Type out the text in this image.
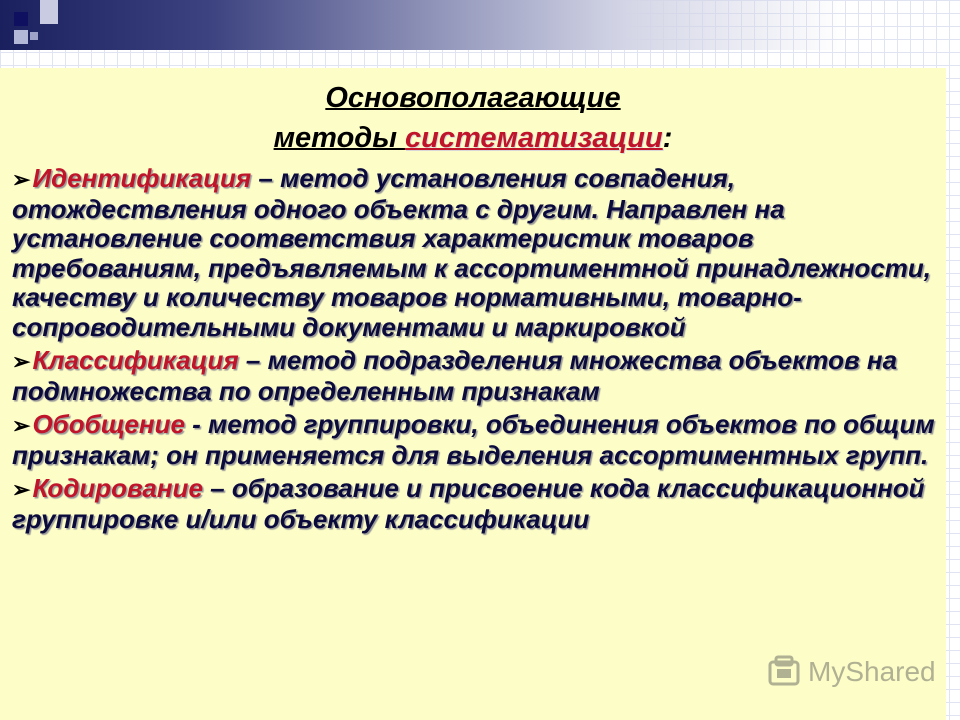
Основополагающие
методы систематизации:
➢Идентификация – метод установления совпадения, отождествления одного объекта с другим. Направлен на установление соответствия характеристик товаров требованиям, предъявляемым к ассортиментной принадлежности, качеству и количеству товаров нормативными, товарно-сопроводительными документами и маркировкой
➢Классификация – метод подразделения множества объектов на подмножества по определенным признакам
➢Обобщение - метод группировки, объединения объектов по общим признакам; он применяется для выделения ассортиментных групп.
➢Кодирование – образование и присвоение кода классификационной группировке и/или объекту классификации
MyShared
